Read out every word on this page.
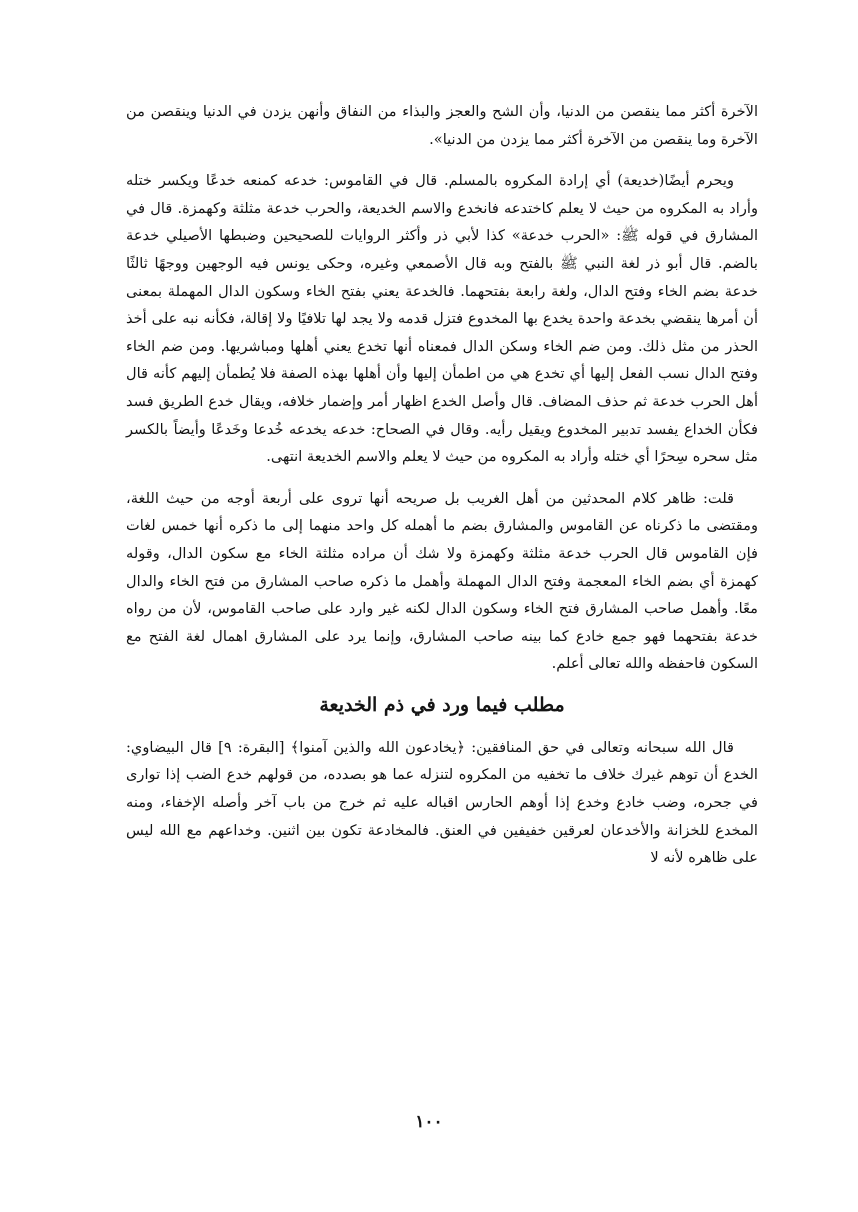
الآخرة أكثر مما ينقصن من الدنيا، وأن الشح والعجز والبذاء من النفاق وأنهن يزدن في الدنيا وينقصن من الآخرة وما ينقصن من الآخرة أكثر مما يزدن من الدنيا».

ويحرم أيضًا(خديعة) أي إرادة المكروه بالمسلم. قال في القاموس: خدعه كمنعه خدعًا ويكسر ختله وأراد به المكروه من حيث لا يعلم كاختدعه فانخدع والاسم الخديعة، والحرب خدعة مثلثة وكهمزة. قال في المشارق في قوله ﷺ: «الحرب خدعة» كذا لأبي ذر وأكثر الروايات للصحيحين وضبطها الأصيلي خدعة بالضم. قال أبو ذر لغة النبي ﷺ بالفتح وبه قال الأصمعي وغيره، وحكى يونس فيه الوجهين ووجهًا ثالثًا خدعة بضم الخاء وفتح الدال، ولغة رابعة بفتحهما. فالخدعة يعني بفتح الخاء وسكون الدال المهملة بمعنى أن أمرها ينقضي بخدعة واحدة يخدع بها المخدوع فتزل قدمه ولا يجد لها تلافيًا ولا إقالة، فكأنه نبه على أخذ الحذر من مثل ذلك. ومن ضم الخاء وسكن الدال فمعناه أنها تخدع يعني أهلها ومباشريها. ومن ضم الخاء وفتح الدال نسب الفعل إليها أي تخدع هي من اطمأن إليها وأن أهلها بهذه الصفة فلا يُطمأن إليهم كأنه قال أهل الحرب خدعة ثم حذف المضاف. قال وأصل الخدع اظهار أمر وإضمار خلافه، ويقال خدع الطريق فسد فكأن الخداع يفسد تدبير المخدوع ويقيل رأيه. وقال في الصحاح: خدعه يخدعه خُدعا وخَدعًا وأيضاً بالكسر مثل سحره سِحرًا أي ختله وأراد به المكروه من حيث لا يعلم والاسم الخديعة انتهى.

قلت: ظاهر كلام المحدثين من أهل الغريب بل صريحه أنها تروى على أربعة أوجه من حيث اللغة، ومقتضى ما ذكرناه عن القاموس والمشارق بضم ما أهمله كل واحد منهما إلى ما ذكره أنها خمس لغات فإن القاموس قال الحرب خدعة مثلثة وكهمزة ولا شك أن مراده مثلثة الخاء مع سكون الدال، وقوله كهمزة أي بضم الخاء المعجمة وفتح الدال المهملة وأهمل ما ذكره صاحب المشارق من فتح الخاء والدال معًا. وأهمل صاحب المشارق فتح الخاء وسكون الدال لكنه غير وارد على صاحب القاموس، لأن من رواه خدعة بفتحهما فهو جمع خادع كما بينه صاحب المشارق، وإنما يرد على المشارق اهمال لغة الفتح مع السكون فاحفظه والله تعالى أعلم.

مطلب فيما ورد في ذم الخديعة

قال الله سبحانه وتعالى في حق المنافقين: ﴿يخادعون الله والذين آمنوا﴾ [البقرة: ٩] قال البيضاوي: الخدع أن توهم غيرك خلاف ما تخفيه من المكروه لتنزله عما هو بصدده، من قولهم خدع الضب إذا توارى في جحره، وضب خادع وخدع إذا أوهم الحارس اقباله عليه ثم خرج من باب آخر وأصله الإخفاء، ومنه المخدع للخزانة والأخدعان لعرقين خفيفين في العنق. فالمخادعة تكون بين اثنين. وخداعهم مع الله ليس على ظاهره لأنه لا

١٠٠
